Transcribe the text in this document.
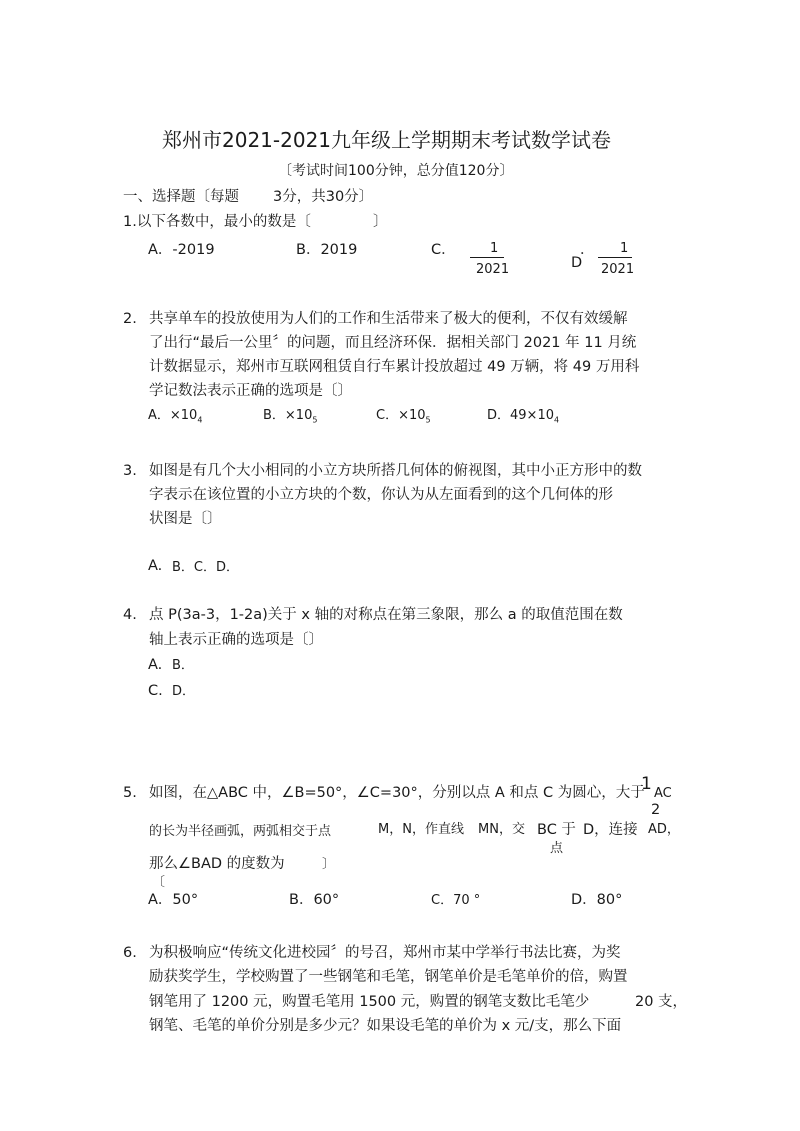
郑州市2021-2021九年级上学期期末考试数学试卷
〔考试时间100分钟，总分值120分〕
一、选择题〔每题 3分，共30分〕
1.以下各数中，最小的数是〔	〕
A．-2019	B．2019	C．	1
2021
．
D
1
2021
2. 共享单车的投放使用为人们的工作和生活带来了极大的便利，不仅有效缓解
了出行“最后一公里〞的问题，而且经济环保．据相关部门 2021 年 11 月统
计数据显示，郑州市互联网租赁自行车累计投放超过 49 万辆，将 49 万用科
学记数法表示正确的选项是〔〕
A．$\times 10_4$	B．$\times 10_5$	C．$\times 10_5$	D．$49\times 10_4$
3. 如图是有几个大小相同的小立方块所搭几何体的俯视图，其中小正方形中的数
字表示在该位置的小立方块的个数，你认为从左面看到的这个几何体的形
状图是〔〕
A. B．C．D．
4. 点 P(3a-3，1-2a)关于 x 轴的对称点在第三象限，那么 a 的取值范围在数
轴上表示正确的选项是〔〕
A. B．
C. D．
5. 如图，在△ABC 中，∠B=50°，∠C=30°，分别以点 A 和点 C 为圆心，大于
1 AC
2
的长为半径画弧，两弧相交于点	M，N，作直线 MN，交 BC 于 D，连接 AD，
点
那么∠BAD 的度数为	〕
〔
A．50°	B．60°	C．70 °	D．80°
6. 为积极响应“传统文化进校园〞的号召，郑州市某中学举行书法比赛，为奖
励获奖学生，学校购置了一些钢笔和毛笔，钢笔单价是毛笔单价的倍，购置
钢笔用了 1200 元，购置毛笔用 1500 元，购置的钢笔支数比毛笔少	20 支，
钢笔、毛笔的单价分别是多少元？如果设毛笔的单价为 x 元/支，那么下面
